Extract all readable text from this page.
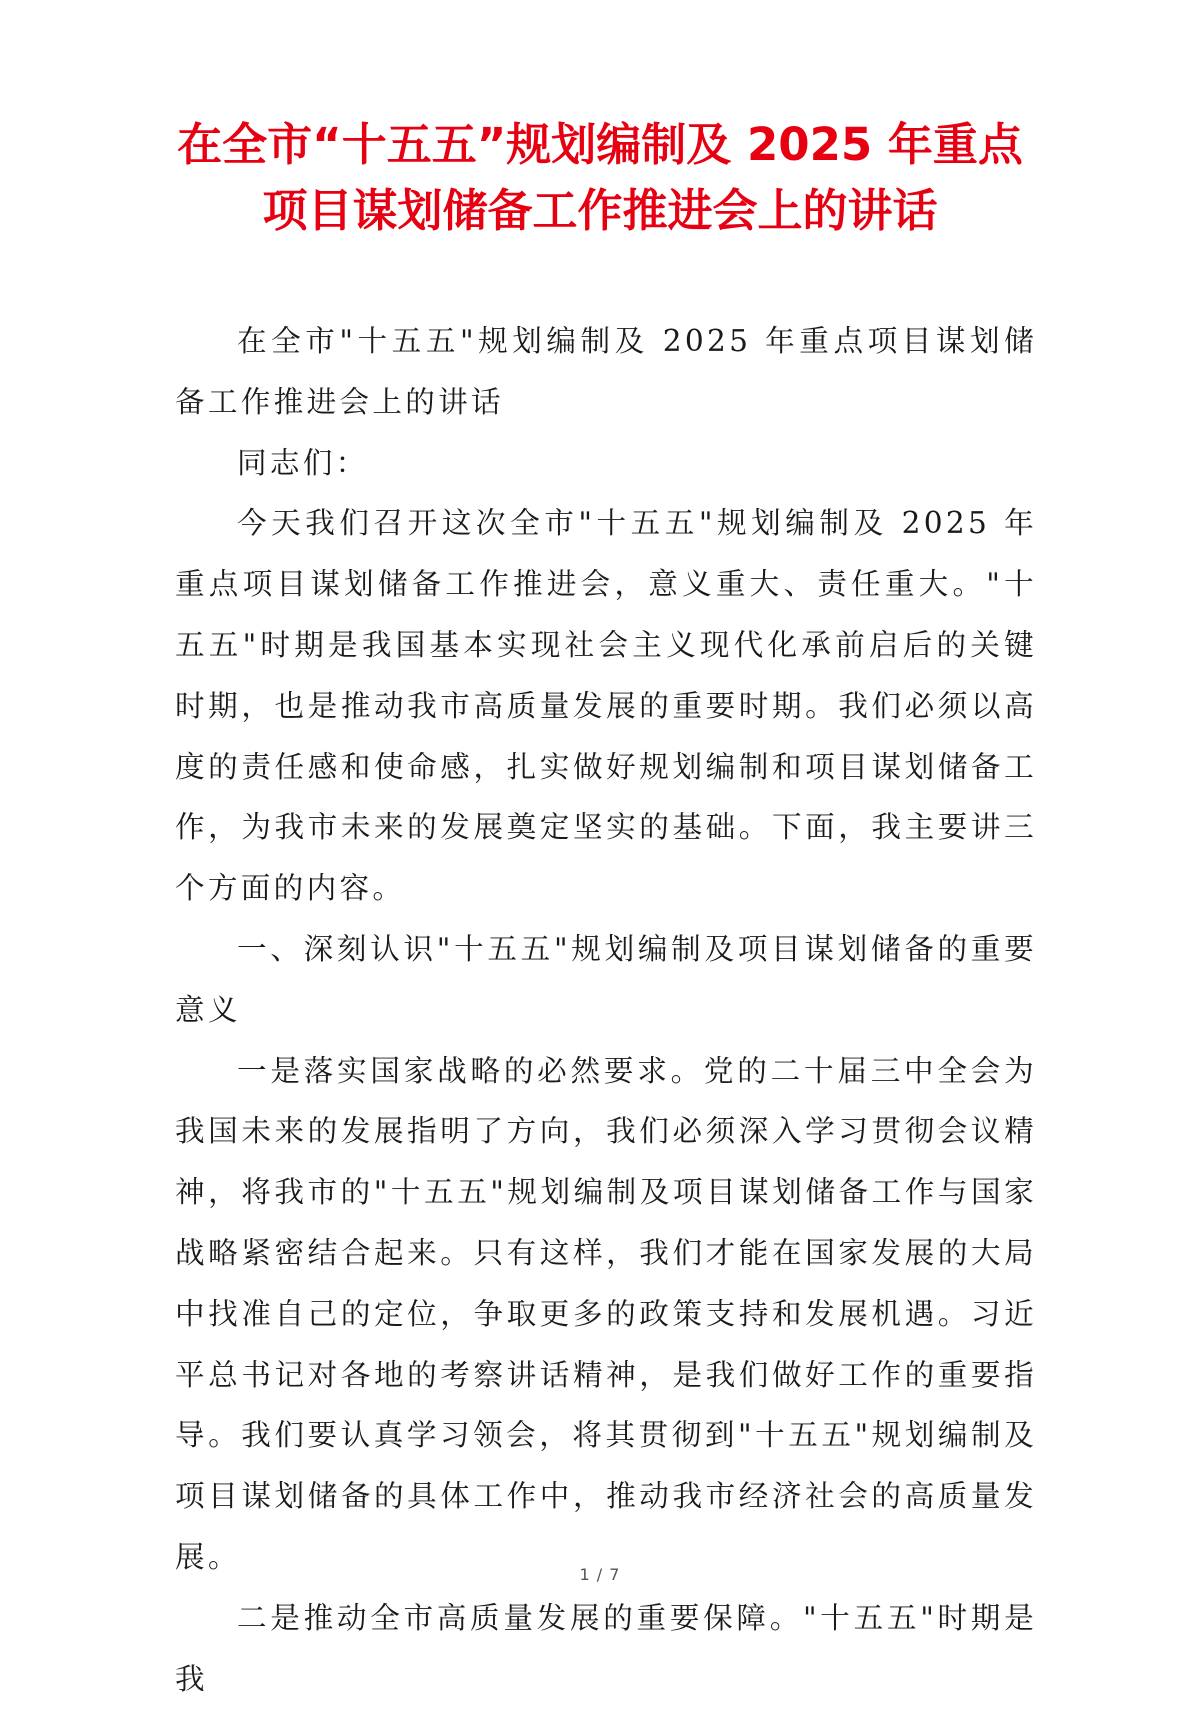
在全市“十五五”规划编制及 2025 年重点
项目谋划储备工作推进会上的讲话

在全市"十五五"规划编制及 2025 年重点项目谋划储备工作推进会上的讲话

同志们：

今天我们召开这次全市"十五五"规划编制及 2025 年重点项目谋划储备工作推进会，意义重大、责任重大。"十五五"时期是我国基本实现社会主义现代化承前启后的关键时期，也是推动我市高质量发展的重要时期。我们必须以高度的责任感和使命感，扎实做好规划编制和项目谋划储备工作，为我市未来的发展奠定坚实的基础。下面，我主要讲三个方面的内容。

一、深刻认识"十五五"规划编制及项目谋划储备的重要意义

一是落实国家战略的必然要求。党的二十届三中全会为我国未来的发展指明了方向，我们必须深入学习贯彻会议精神，将我市的"十五五"规划编制及项目谋划储备工作与国家战略紧密结合起来。只有这样，我们才能在国家发展的大局中找准自己的定位，争取更多的政策支持和发展机遇。习近平总书记对各地的考察讲话精神，是我们做好工作的重要指导。我们要认真学习领会，将其贯彻到"十五五"规划编制及项目谋划储备的具体工作中，推动我市经济社会的高质量发展。

二是推动全市高质量发展的重要保障。"十五五"时期是我

1 / 7
